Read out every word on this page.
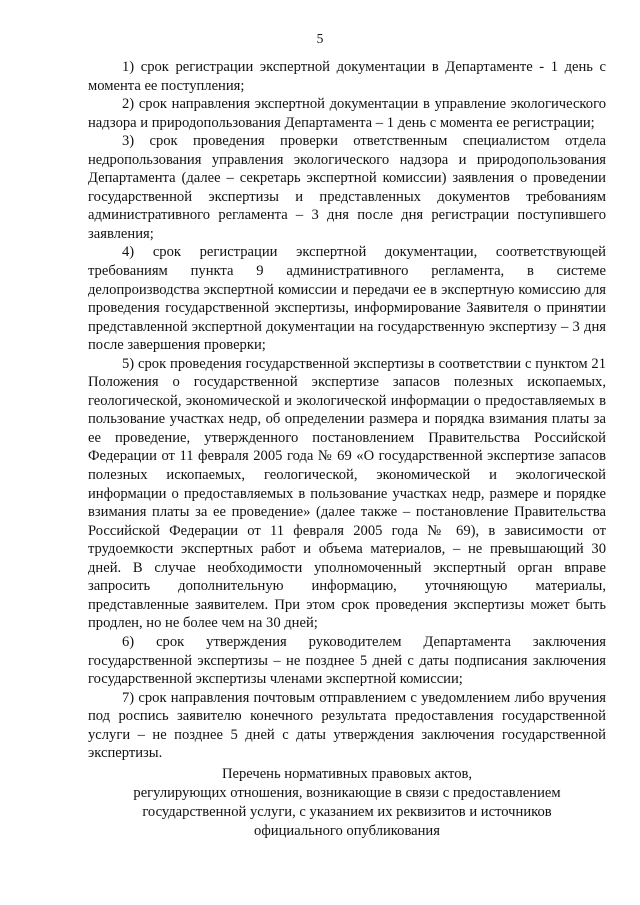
5

1) срок регистрации экспертной документации в Департаменте - 1 день с момента ее поступления;

2) срок направления экспертной документации в управление экологического надзора и природопользования Департамента – 1 день с момента ее регистрации;

3) срок проведения проверки ответственным специалистом отдела недропользования управления экологического надзора и природопользования Департамента (далее – секретарь экспертной комиссии) заявления о проведении государственной экспертизы и представленных документов требованиям административного регламента – 3 дня после дня регистрации поступившего заявления;

4) срок регистрации экспертной документации, соответствующей требованиям пункта 9 административного регламента, в системе делопроизводства экспертной комиссии и передачи ее в экспертную комиссию для проведения государственной экспертизы, информирование Заявителя о принятии представленной экспертной документации на государственную экспертизу – 3 дня после завершения проверки;

5) срок проведения государственной экспертизы в соответствии с пунктом 21 Положения о государственной экспертизе запасов полезных ископаемых, геологической, экономической и экологической информации о предоставляемых в пользование участках недр, об определении размера и порядка взимания платы за ее проведение, утвержденного постановлением Правительства Российской Федерации от 11 февраля 2005 года № 69 «О государственной экспертизе запасов полезных ископаемых, геологической, экономической и экологической информации о предоставляемых в пользование участках недр, размере и порядке взимания платы за ее проведение» (далее также – постановление Правительства Российской Федерации от 11 февраля 2005 года № 69), в зависимости от трудоемкости экспертных работ и объема материалов, – не превышающий 30 дней. В случае необходимости уполномоченный экспертный орган вправе запросить дополнительную информацию, уточняющую материалы, представленные заявителем. При этом срок проведения экспертизы может быть продлен, но не более чем на 30 дней;

6) срок утверждения руководителем Департамента заключения государственной экспертизы – не позднее 5 дней с даты подписания заключения государственной экспертизы членами экспертной комиссии;

7) срок направления почтовым отправлением с уведомлением либо вручения под роспись заявителю конечного результата предоставления государственной услуги – не позднее 5 дней с даты утверждения заключения государственной экспертизы.

Перечень нормативных правовых актов,
регулирующих отношения, возникающие в связи с предоставлением
государственной услуги, с указанием их реквизитов и источников
официального опубликования
